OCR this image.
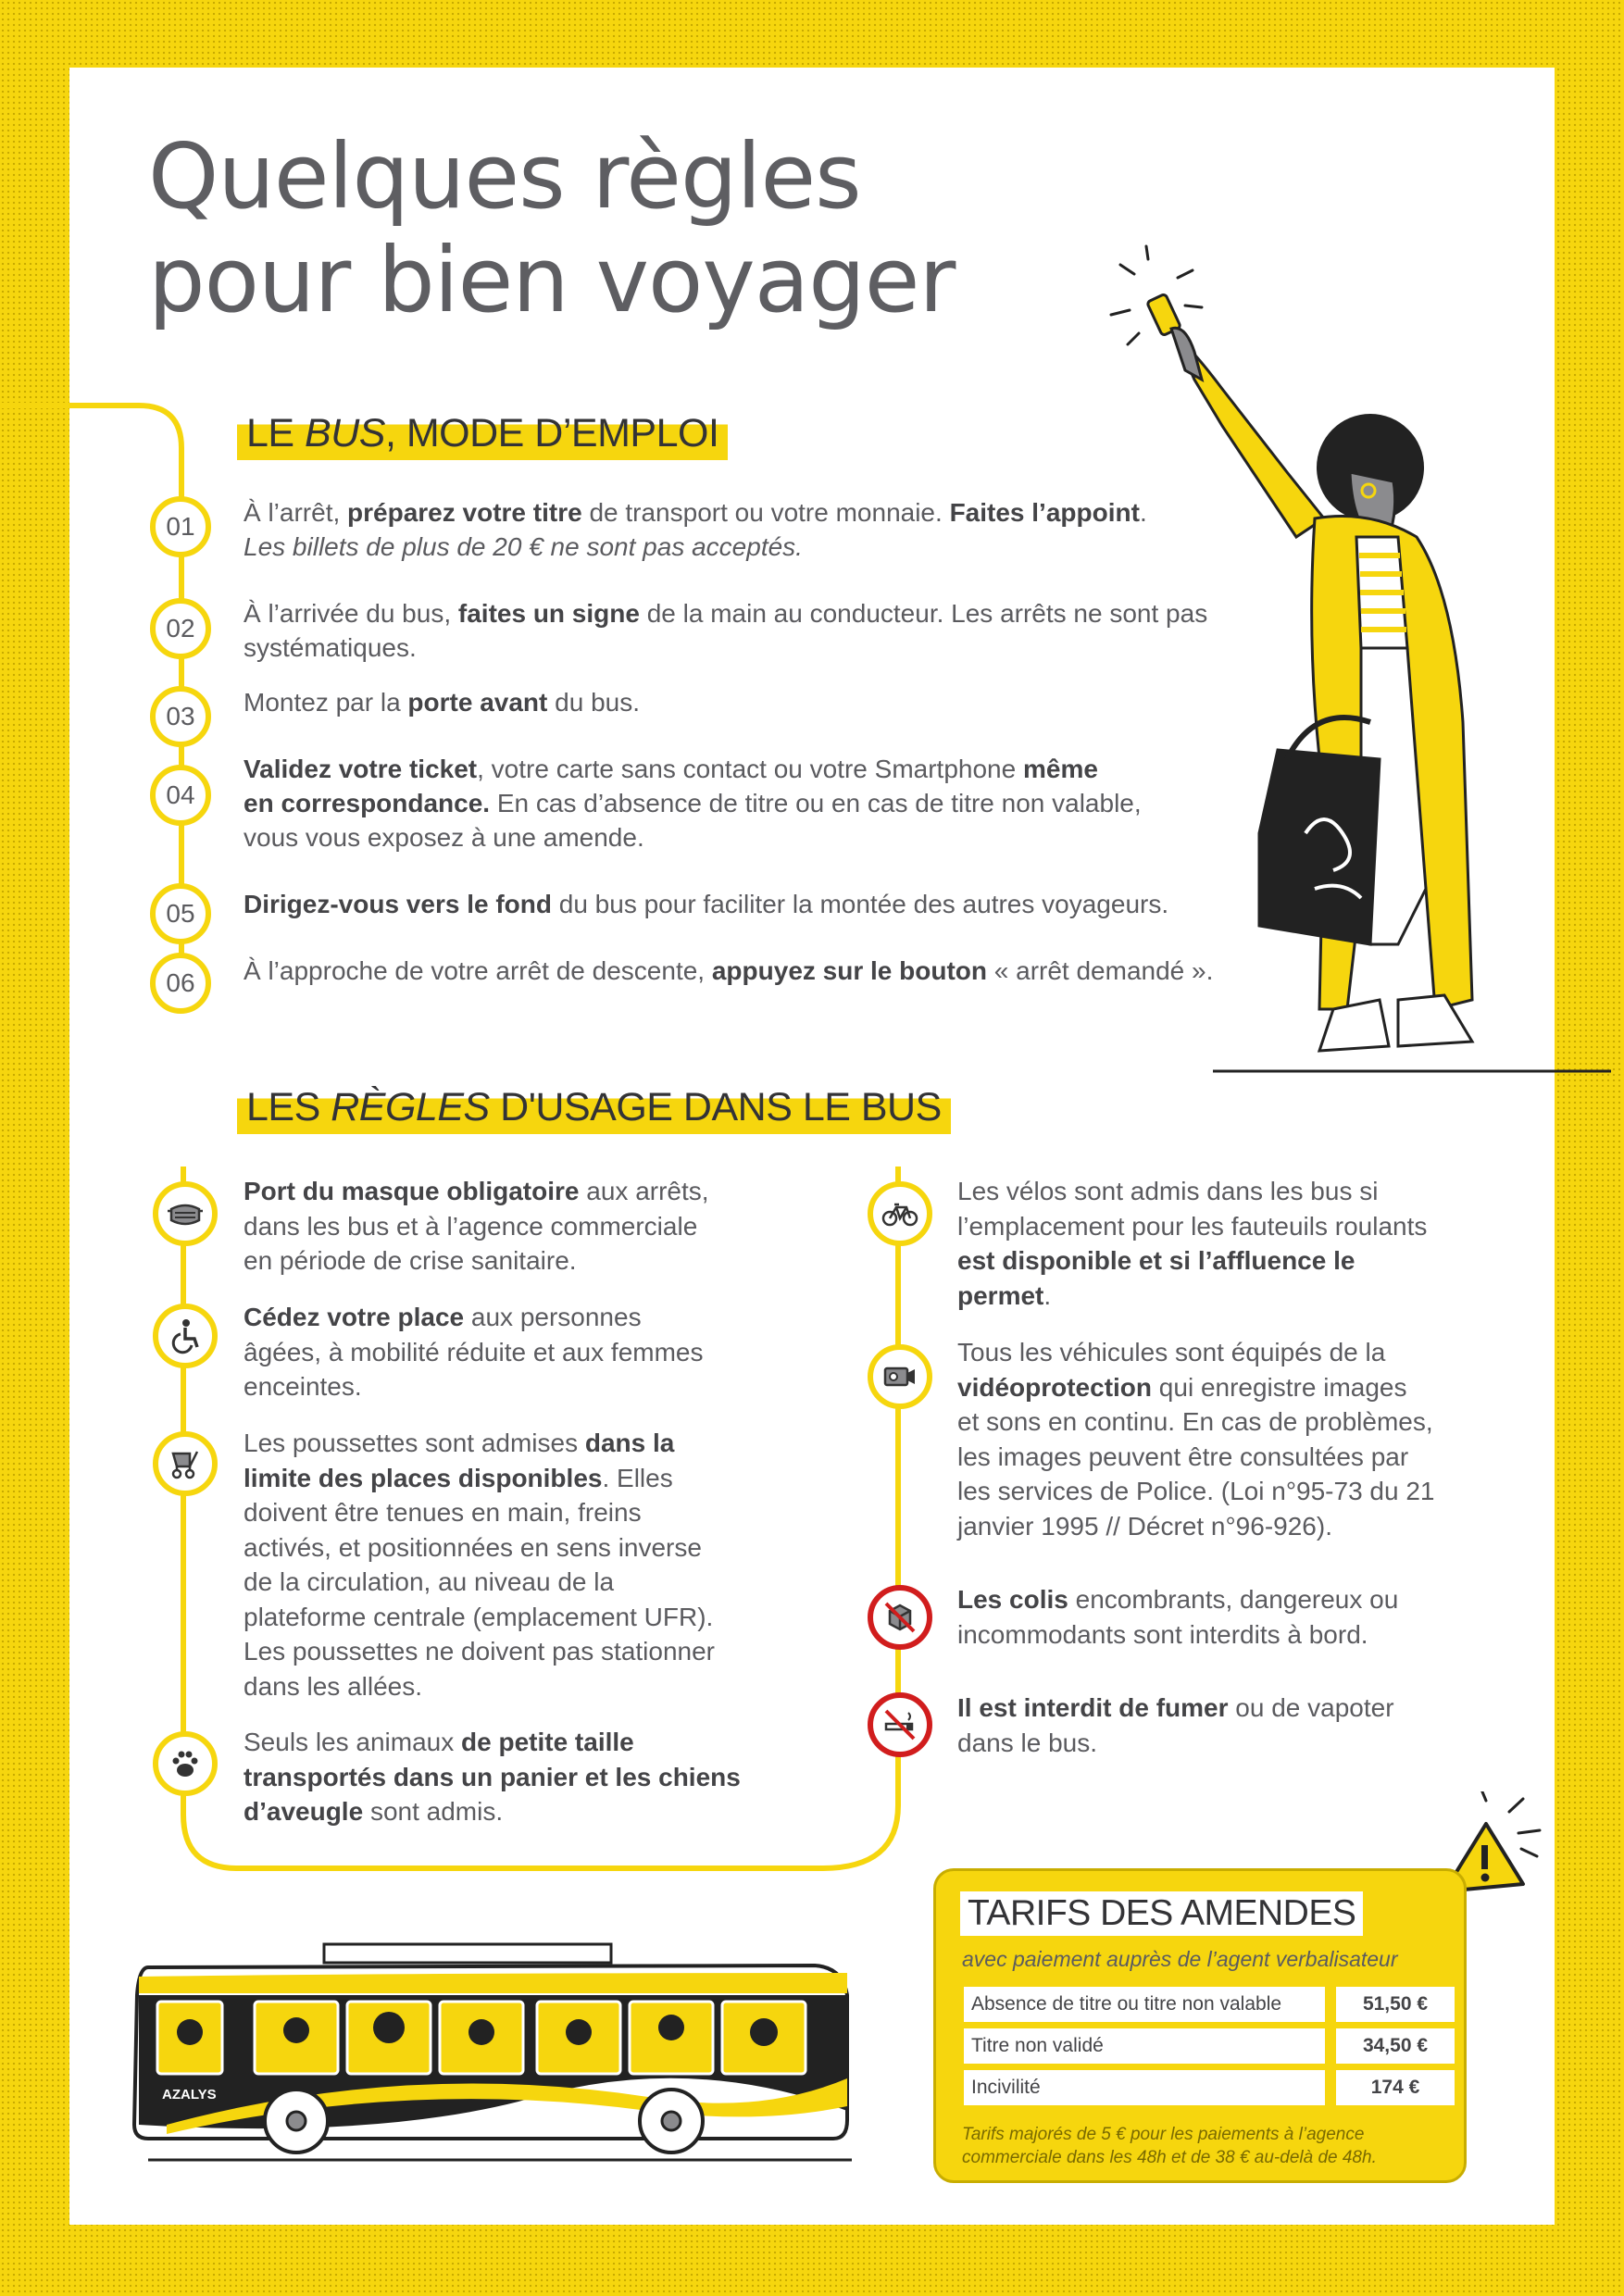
Quelques règles
pour bien voyager
LE BUS, MODE D’EMPLOI
01	À l’arrêt, préparez votre titre de transport ou votre monnaie. Faites l’appoint.
Les billets de plus de 20 € ne sont pas acceptés.
02
À l’arrivée du bus, faites un signe de la main au conducteur. Les arrêts ne sont pas
systématiques.
03	Montez par la porte avant du bus.
04
Validez votre ticket, votre carte sans contact ou votre Smartphone même
en correspondance. En cas d’absence de titre ou en cas de titre non valable,
vous vous exposez à une amende.
05	Dirigez-vous vers le fond du bus pour faciliter la montée des autres voyageurs.
06	À l’approche de votre arrêt de descente, appuyez sur le bouton « arrêt demandé ».
LES RÈGLES D'USAGE DANS LE BUS
Port du masque obligatoire aux arrêts,
dans les bus et à l’agence commerciale
en période de crise sanitaire.
Cédez votre place aux personnes
âgées, à mobilité réduite et aux femmes
enceintes.
Les poussettes sont admises dans la
limite des places disponibles. Elles
doivent être tenues en main, freins
activés, et positionnées en sens inverse
de la circulation, au niveau de la
plateforme centrale (emplacement UFR).
Les poussettes ne doivent pas stationner
dans les allées.
Seuls les animaux de petite taille
transportés dans un panier et les chiens
d’aveugle sont admis.
Les vélos sont admis dans les bus si
l’emplacement pour les fauteuils roulants
est disponible et si l’affluence le
permet.
Tous les véhicules sont équipés de la
vidéoprotection qui enregistre images
et sons en continu. En cas de problèmes,
les images peuvent être consultées par
les services de Police. (Loi n°95-73 du 21
janvier 1995 // Décret n°96-926).
Les colis encombrants, dangereux ou
incommodants sont interdits à bord.
Il est interdit de fumer ou de vapoter
dans le bus.
AZALYS
TARIFS DES AMENDES
avec paiement auprès de l’agent verbalisateur
Absence de titre ou titre non valable	51,50 €
Titre non validé	34,50 €
Incivilité	174 €
Tarifs majorés de 5 € pour les paiements à l’agence commerciale dans les 48h et de 38 € au-delà de 48h.
